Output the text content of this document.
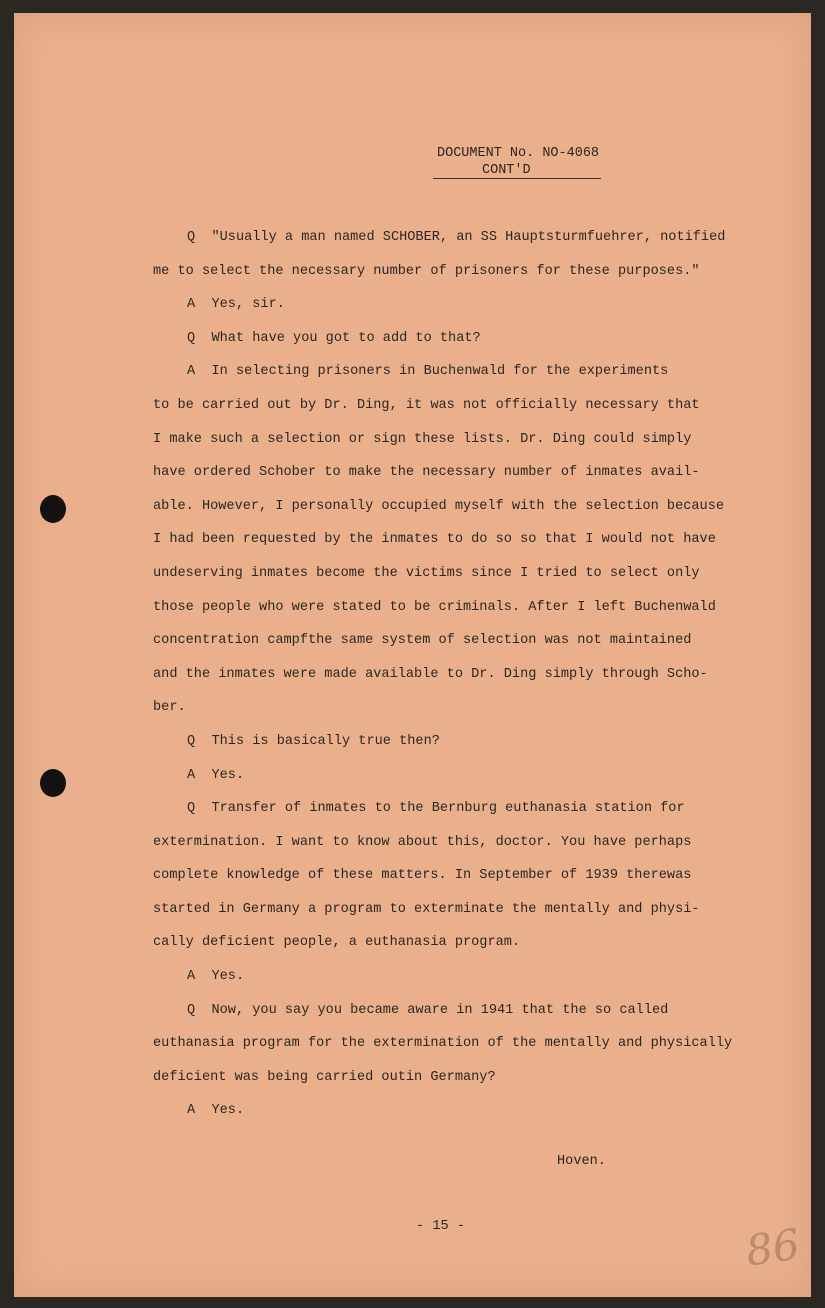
DOCUMENT No. NO-4068
CONT'D
Q  "Usually a man named SCHOBER, an SS Hauptsturmfuehrer, notified
me to select the necessary number of prisoners for these purposes."
A  Yes, sir.
Q  What have you got to add to that?
A  In selecting prisoners in Buchenwald for the experiments
to be carried out by Dr. Ding, it was not officially necessary that
I make such a selection or sign these lists. Dr. Ding could simply
have ordered Schober to make the necessary number of inmates avail-
able. However, I personally occupied myself with the selection because
I had been requested by the inmates to do so so that I would not have
undeserving inmates become the victims since I tried to select only
those people who were stated to be criminals. After I left Buchenwald
concentration campfthe same system of selection was not maintained
and the inmates were made available to Dr. Ding simply through Scho-
ber.
Q  This is basically true then?
A  Yes.
Q  Transfer of inmates to the Bernburg euthanasia station for
extermination. I want to know about this, doctor. You have perhaps
complete knowledge of these matters. In September of 1939 therewas
started in Germany a program to exterminate the mentally and physi-
cally deficient people, a euthanasia program.
A  Yes.
Q  Now, you say you became aware in 1941 that the so called
euthanasia program for the extermination of the mentally and physically
deficient was being carried outin Germany?
A  Yes.
Hoven.
- 15 -	86
